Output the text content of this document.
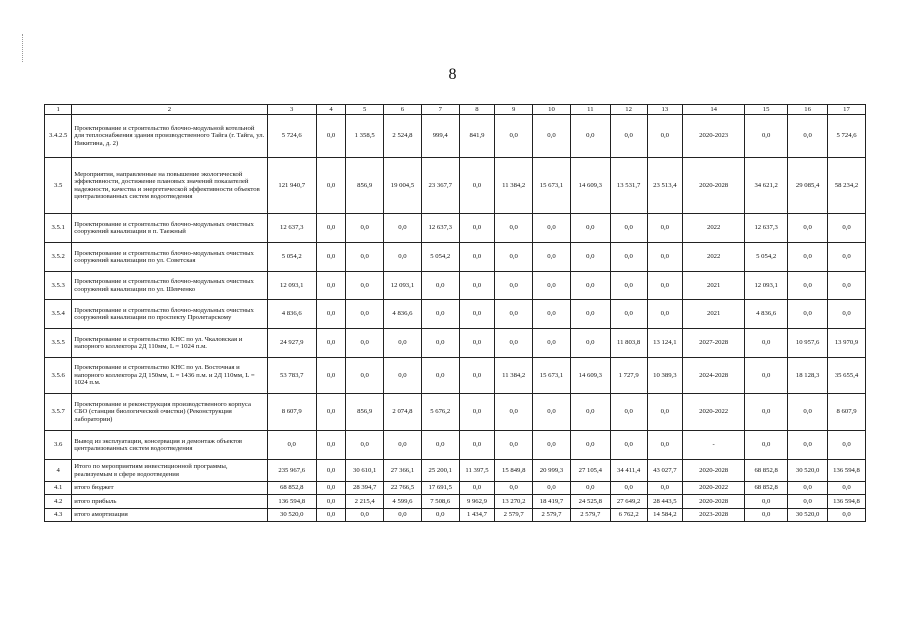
8
1	2	3	4	5	6	7	8	9	10	11	12	13	14	15	16	17
3.4.2.5	Проектирование и строительство блочно-модульной котельной для теплоснабжения здания производственного Тайга (г. Тайга, ул. Никитина, д. 2)	5 724,6	0,0	1 358,5	2 524,8	999,4	841,9	0,0	0,0	0,0	0,0	0,0	2020-2023	0,0	0,0	5 724,6
3.5	Мероприятия, направленные на повышение экологической эффективности, достижение плановых значений показателей надежности, качества и энергетической эффективности объектов централизованных систем водоотведения	121 940,7	0,0	856,9	19 004,5	23 367,7	0,0	11 384,2	15 673,1	14 609,3	13 531,7	23 513,4	2020-2028	34 621,2	29 085,4	58 234,2
3.5.1	Проектирование и строительство блочно-модульных очистных сооружений канализации в п. Таежный	12 637,3	0,0	0,0	0,0	12 637,3	0,0	0,0	0,0	0,0	0,0	0,0	2022	12 637,3	0,0	0,0
3.5.2	Проектирование и строительство блочно-модульных очистных сооружений канализации по ул. Советская	5 054,2	0,0	0,0	0,0	5 054,2	0,0	0,0	0,0	0,0	0,0	0,0	2022	5 054,2	0,0	0,0
3.5.3	Проектирование и строительство блочно-модульных очистных сооружений канализации по ул. Шевченко	12 093,1	0,0	0,0	12 093,1	0,0	0,0	0,0	0,0	0,0	0,0	0,0	2021	12 093,1	0,0	0,0
3.5.4	Проектирование и строительство блочно-модульных очистных сооружений канализации по проспекту Пролетарскому	4 836,6	0,0	0,0	4 836,6	0,0	0,0	0,0	0,0	0,0	0,0	0,0	2021	4 836,6	0,0	0,0
3.5.5	Проектирование и строительство КНС по ул. Чкаловская и напорного коллектора 2Д 110мм, L = 1024 п.м.	24 927,9	0,0	0,0	0,0	0,0	0,0	0,0	0,0	0,0	11 803,8	13 124,1	2027-2028	0,0	10 957,6	13 970,9
3.5.6	Проектирование и строительство КНС по ул. Восточная и напорного коллектора 2Д 150мм, L = 1436 п.м. и 2Д 110мм, L = 1024 п.м.	53 783,7	0,0	0,0	0,0	0,0	0,0	11 384,2	15 673,1	14 609,3	1 727,9	10 389,3	2024-2028	0,0	18 128,3	35 655,4
3.5.7	Проектирование и реконструкция производственного корпуса СБО (станции биологической очистки) (Реконструкция лаборатории)	8 607,9	0,0	856,9	2 074,8	5 676,2	0,0	0,0	0,0	0,0	0,0	0,0	2020-2022	0,0	0,0	8 607,9
3.6	Вывод из эксплуатации, консервация и демонтаж объектов централизованных систем водоотведения	0,0	0,0	0,0	0,0	0,0	0,0	0,0	0,0	0,0	0,0	0,0	-	0,0	0,0	0,0
4	Итого по мероприятиям инвестиционной программы, реализуемым в сфере водоотведения	235 967,6	0,0	30 610,1	27 366,1	25 200,1	11 397,5	15 849,8	20 999,3	27 105,4	34 411,4	43 027,7	2020-2028	68 852,8	30 520,0	136 594,8
4.1	итого бюджет	68 852,8	0,0	28 394,7	22 766,5	17 691,5	0,0	0,0	0,0	0,0	0,0	0,0	2020-2022	68 852,8	0,0	0,0
4.2	итого прибыль	136 594,8	0,0	2 215,4	4 599,6	7 508,6	9 962,9	13 270,2	18 419,7	24 525,8	27 649,2	28 443,5	2020-2028	0,0	0,0	136 594,8
4.3	итого амортизация	30 520,0	0,0	0,0	0,0	0,0	1 434,7	2 579,7	2 579,7	2 579,7	6 762,2	14 584,2	2023-2028	0,0	30 520,0	0,0
